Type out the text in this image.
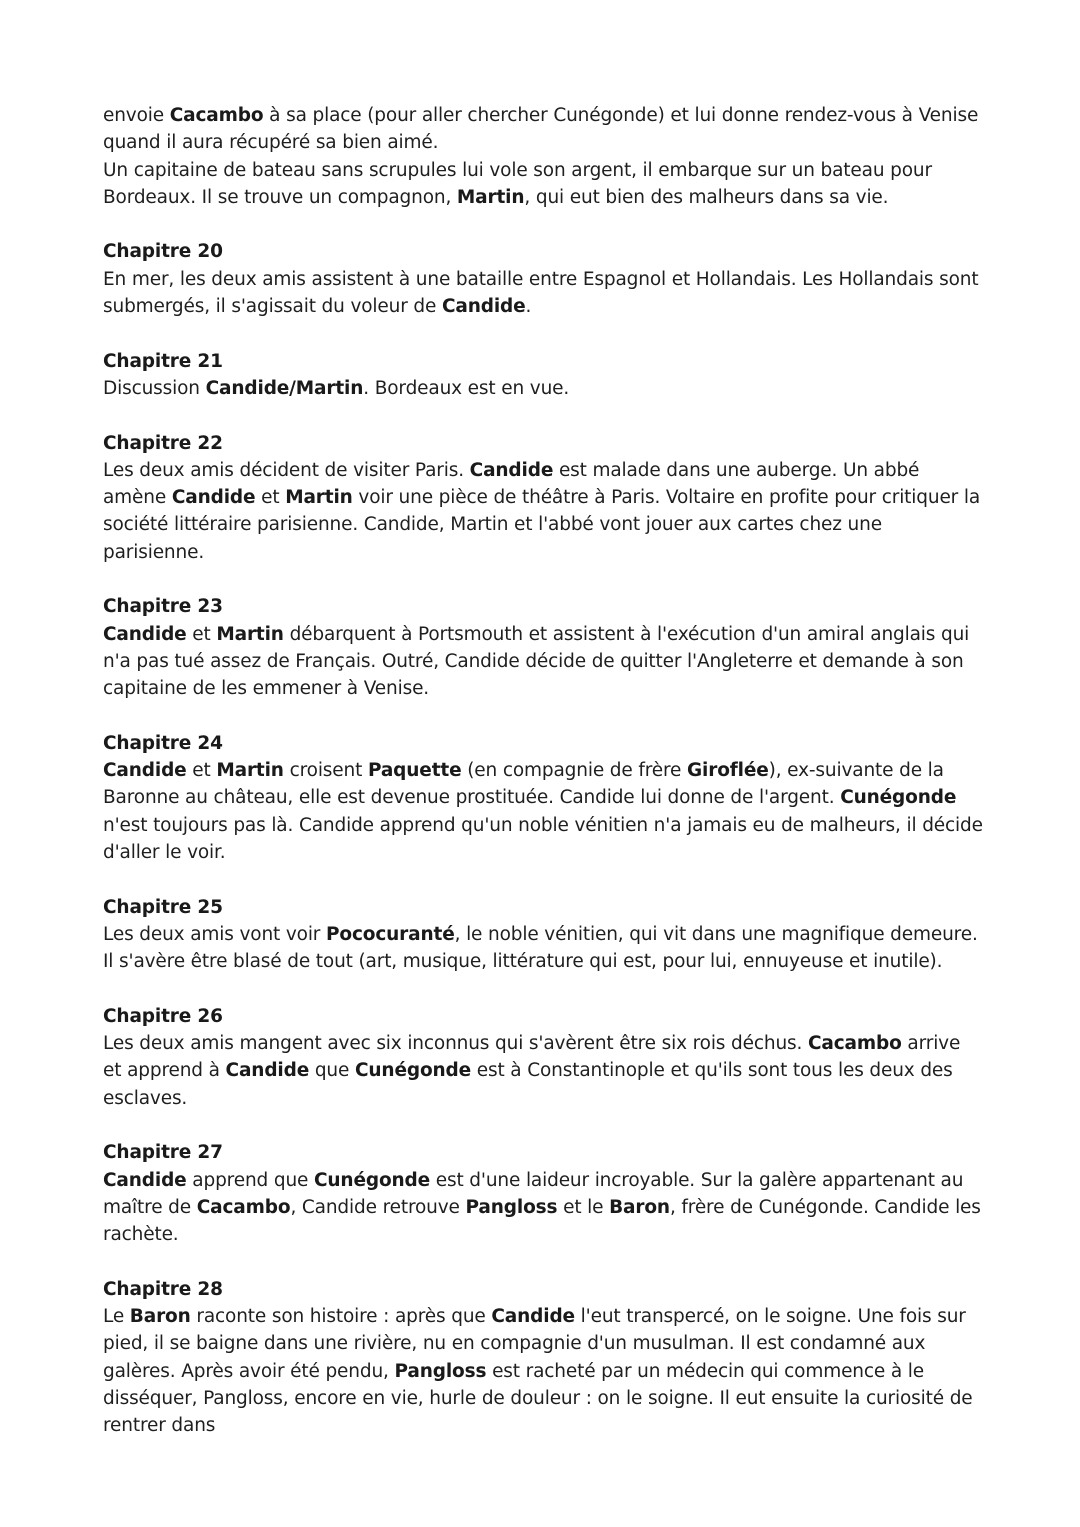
envoie Cacambo à sa place (pour aller chercher Cunégonde) et lui donne rendez-vous à Venise quand il aura récupéré sa bien aimé.

Un capitaine de bateau sans scrupules lui vole son argent, il embarque sur un bateau pour Bordeaux. Il se trouve un compagnon, Martin, qui eut bien des malheurs dans sa vie.

Chapitre 20

En mer, les deux amis assistent à une bataille entre Espagnol et Hollandais. Les Hollandais sont submergés, il s'agissait du voleur de Candide.

Chapitre 21

Discussion Candide/Martin. Bordeaux est en vue.

Chapitre 22

Les deux amis décident de visiter Paris. Candide est malade dans une auberge. Un abbé amène Candide et Martin voir une pièce de théâtre à Paris. Voltaire en profite pour critiquer la société littéraire parisienne. Candide, Martin et l'abbé vont jouer aux cartes chez une parisienne.

Chapitre 23

Candide et Martin débarquent à Portsmouth et assistent à l'exécution d'un amiral anglais qui n'a pas tué assez de Français. Outré, Candide décide de quitter l'Angleterre et demande à son capitaine de les emmener à Venise.

Chapitre 24

Candide et Martin croisent Paquette (en compagnie de frère Giroflée), ex-suivante de la Baronne au château, elle est devenue prostituée. Candide lui donne de l'argent. Cunégonde n'est toujours pas là. Candide apprend qu'un noble vénitien n'a jamais eu de malheurs, il décide d'aller le voir.

Chapitre 25

Les deux amis vont voir Pococuranté, le noble vénitien, qui vit dans une magnifique demeure. Il s'avère être blasé de tout (art, musique, littérature qui est, pour lui, ennuyeuse et inutile).

Chapitre 26

Les deux amis mangent avec six inconnus qui s'avèrent être six rois déchus. Cacambo arrive et apprend à Candide que Cunégonde est à Constantinople et qu'ils sont tous les deux des esclaves.

Chapitre 27

Candide apprend que Cunégonde est d'une laideur incroyable. Sur la galère appartenant au maître de Cacambo, Candide retrouve Pangloss et le Baron, frère de Cunégonde. Candide les rachète.

Chapitre 28

Le Baron raconte son histoire : après que Candide l'eut transpercé, on le soigne. Une fois sur pied, il se baigne dans une rivière, nu en compagnie d'un musulman. Il est condamné aux galères. Après avoir été pendu, Pangloss est racheté par un médecin qui commence à le disséquer, Pangloss, encore en vie, hurle de douleur : on le soigne. Il eut ensuite la curiosité de rentrer dans
